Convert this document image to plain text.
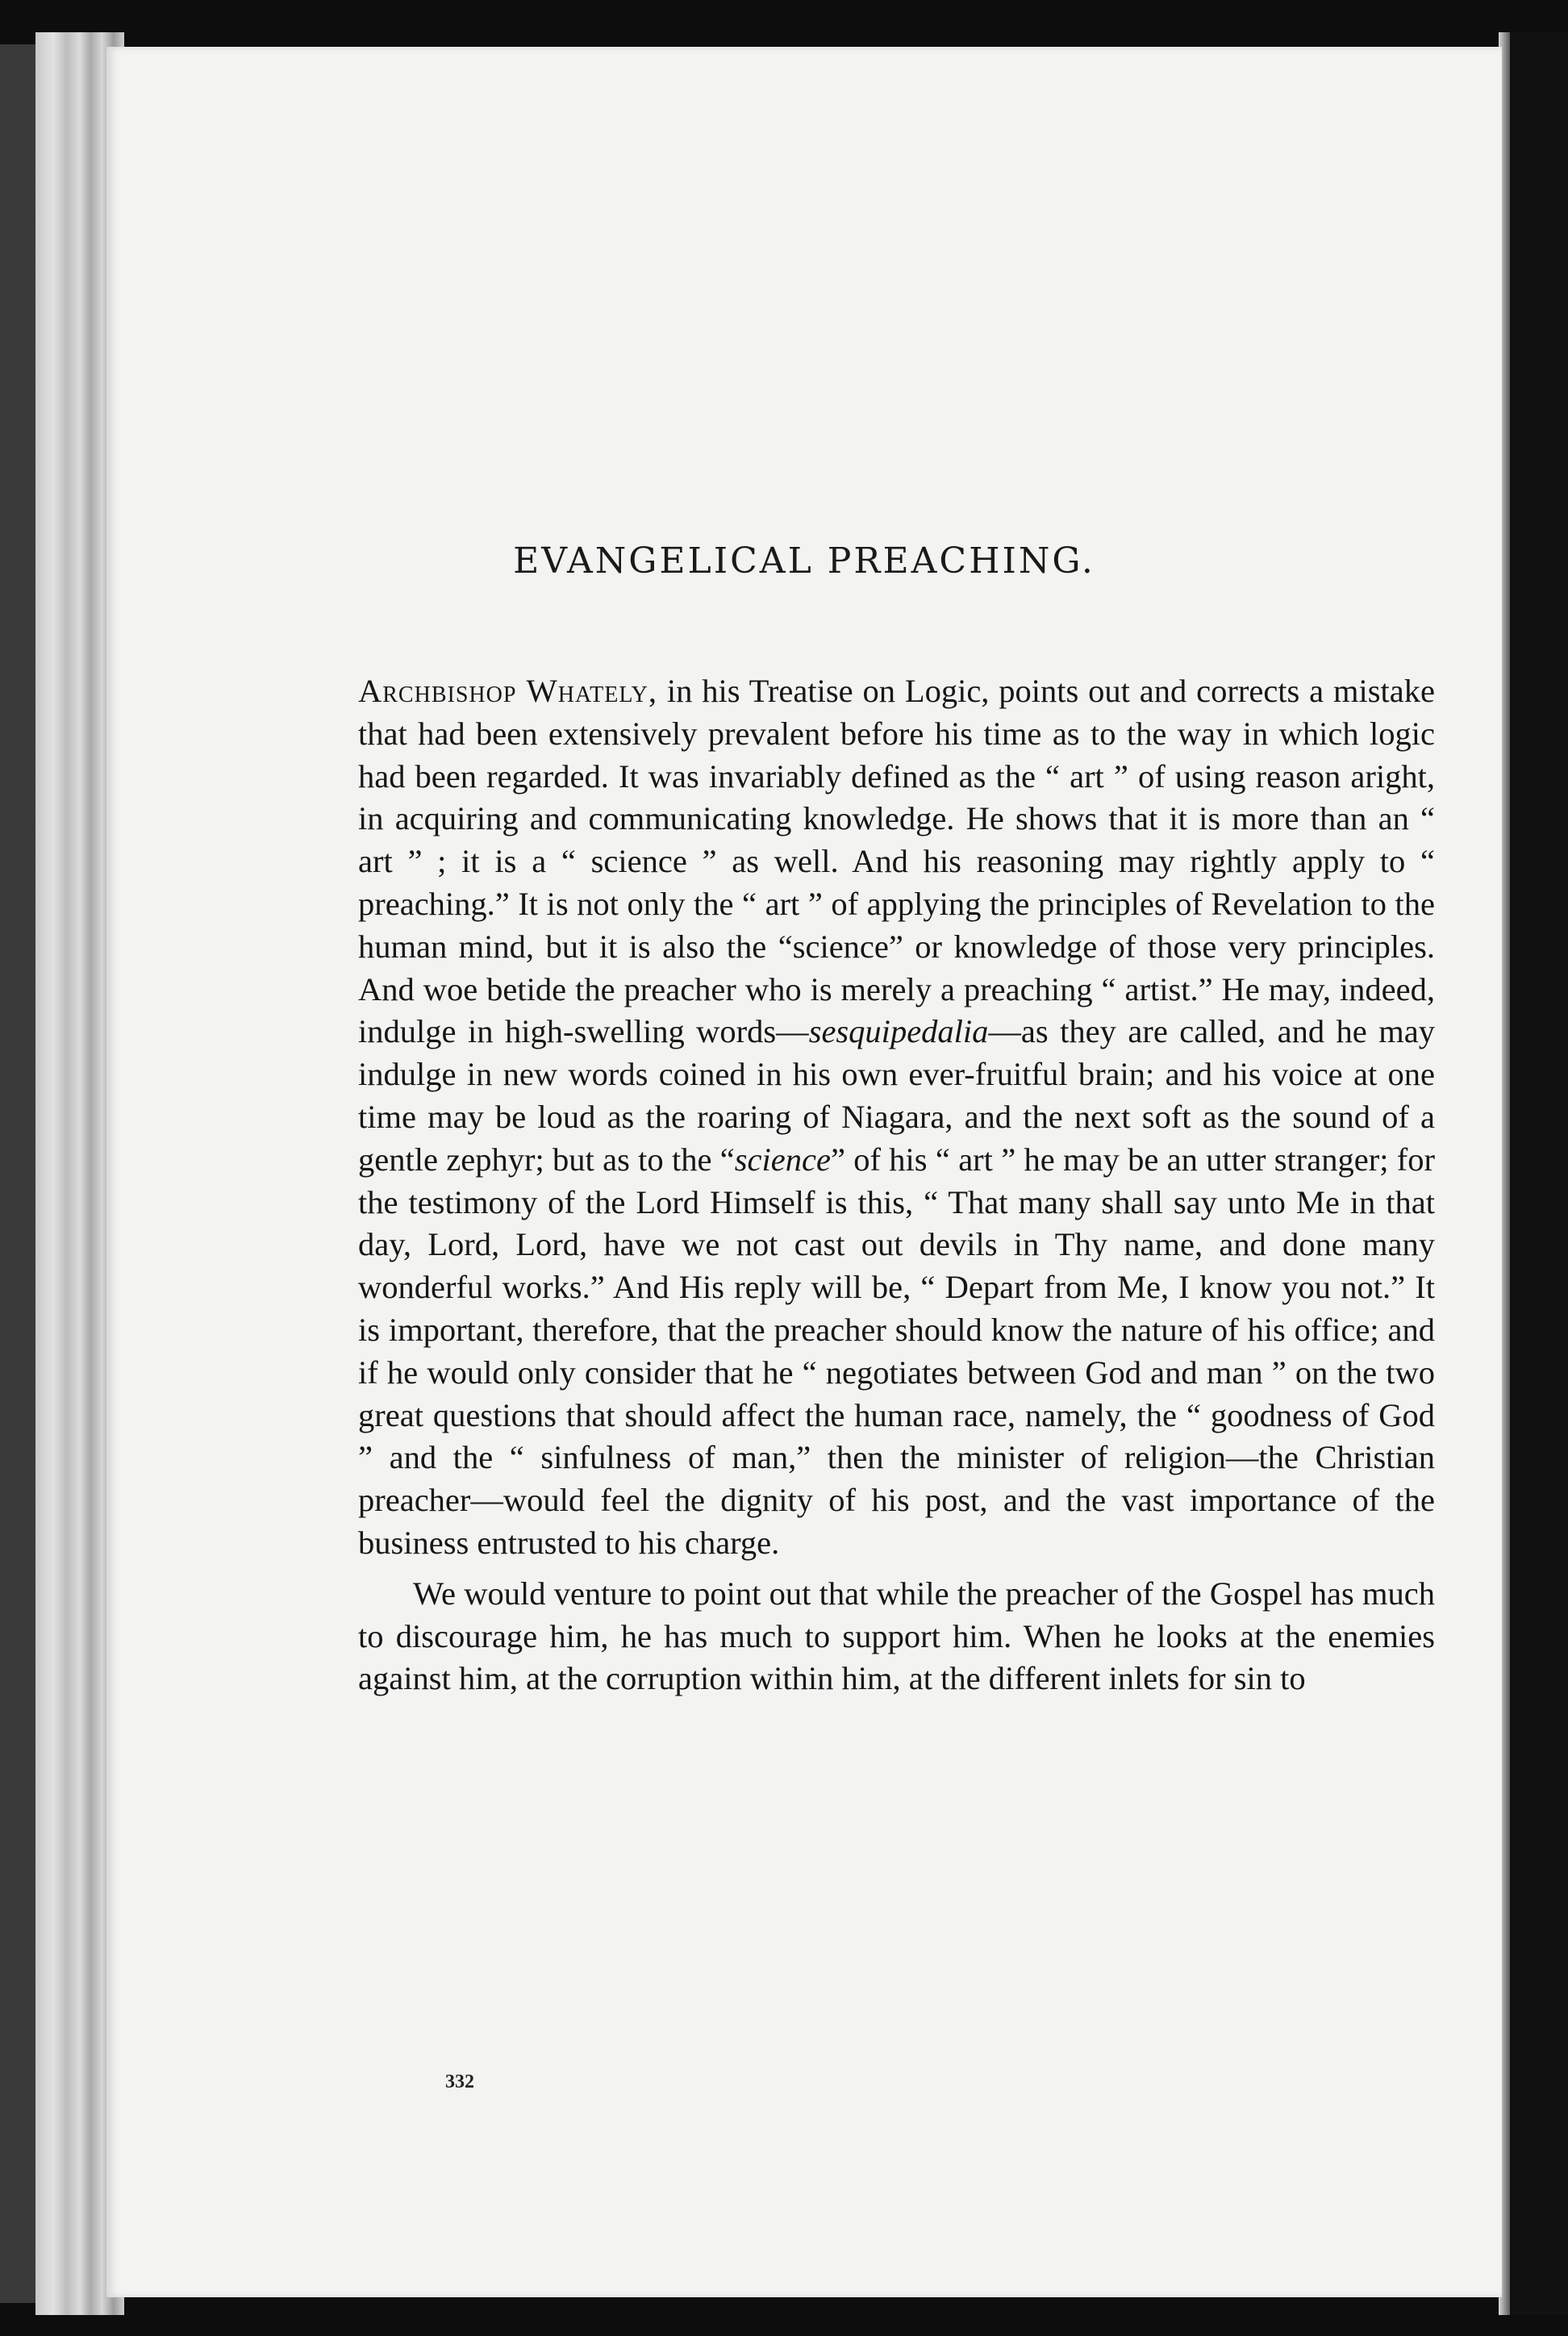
EVANGELICAL PREACHING.

Archbishop Whately, in his Treatise on Logic, points out and corrects a mistake that had been extensively prevalent before his time as to the way in which logic had been regarded. It was invariably defined as the “ art ” of using reason aright, in acquiring and communicating knowledge. He shows that it is more than an “ art ” ; it is a “ science ” as well. And his reasoning may rightly apply to “ preaching.” It is not only the “ art ” of applying the principles of Revelation to the human mind, but it is also the “science” or knowledge of those very principles. And woe betide the preacher who is merely a preaching “ artist.” He may, indeed, indulge in high-swelling words—sesquipedalia—as they are called, and he may indulge in new words coined in his own ever-fruitful brain; and his voice at one time may be loud as the roaring of Niagara, and the next soft as the sound of a gentle zephyr; but as to the “science” of his “ art ” he may be an utter stranger; for the testimony of the Lord Himself is this, “ That many shall say unto Me in that day, Lord, Lord, have we not cast out devils in Thy name, and done many wonderful works.” And His reply will be, “ Depart from Me, I know you not.” It is important, therefore, that the preacher should know the nature of his office; and if he would only consider that he “ negotiates between God and man ” on the two great questions that should affect the human race, namely, the “ goodness of God ” and the “ sinfulness of man,” then the minister of religion—the Christian preacher—would feel the dignity of his post, and the vast importance of the business entrusted to his charge.

We would venture to point out that while the preacher of the Gospel has much to discourage him, he has much to support him. When he looks at the enemies against him, at the corruption within him, at the different inlets for sin to

332
